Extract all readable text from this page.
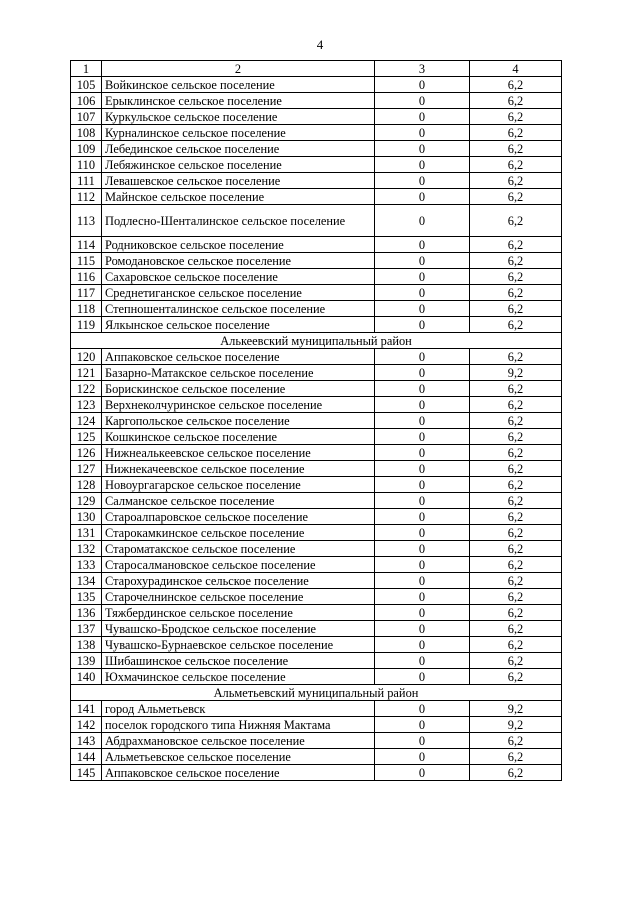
4
1	2	3	4
105	Войкинское сельское поселение	0	6,2
106	Ерыклинское сельское поселение	0	6,2
107	Куркульское сельское поселение	0	6,2
108	Курналинское сельское поселение	0	6,2
109	Лебединское сельское поселение	0	6,2
110	Лебяжинское сельское поселение	0	6,2
111	Левашевское сельское поселение	0	6,2
112	Майнское сельское поселение	0	6,2
113	Подлесно-Шенталинское сельское поселение	0	6,2
114	Родниковское сельское поселение	0	6,2
115	Ромодановское сельское поселение	0	6,2
116	Сахаровское сельское поселение	0	6,2
117	Среднетиганское сельское поселение	0	6,2
118	Степношенталинское сельское поселение	0	6,2
119	Ялкынское сельское поселение	0	6,2
Алькеевский муниципальный район			
120	Аппаковское сельское поселение	0	6,2
121	Базарно-Матакское сельское поселение	0	9,2
122	Борискинское сельское поселение	0	6,2
123	Верхнеколчуринское сельское поселение	0	6,2
124	Каргопольское сельское поселение	0	6,2
125	Кошкинское сельское поселение	0	6,2
126	Нижнеалькеевское сельское поселение	0	6,2
127	Нижнекачеевское сельское поселение	0	6,2
128	Новоургагарское сельское поселение	0	6,2
129	Салманское сельское поселение	0	6,2
130	Староалпаровское сельское поселение	0	6,2
131	Старокамкинское сельское поселение	0	6,2
132	Староматакское сельское поселение	0	6,2
133	Старосалмановское сельское поселение	0	6,2
134	Старохурадинское сельское поселение	0	6,2
135	Старочелнинское сельское поселение	0	6,2
136	Тяжбердинское сельское поселение	0	6,2
137	Чувашско-Бродское сельское поселение	0	6,2
138	Чувашско-Бурнаевское сельское поселение	0	6,2
139	Шибашинское сельское поселение	0	6,2
140	Юхмачинское сельское поселение	0	6,2
Альметьевский муниципальный район			
141	город Альметьевск	0	9,2
142	поселок городского типа Нижняя Мактама	0	9,2
143	Абдрахмановское сельское поселение	0	6,2
144	Альметьевское сельское поселение	0	6,2
145	Аппаковское сельское поселение	0	6,2
